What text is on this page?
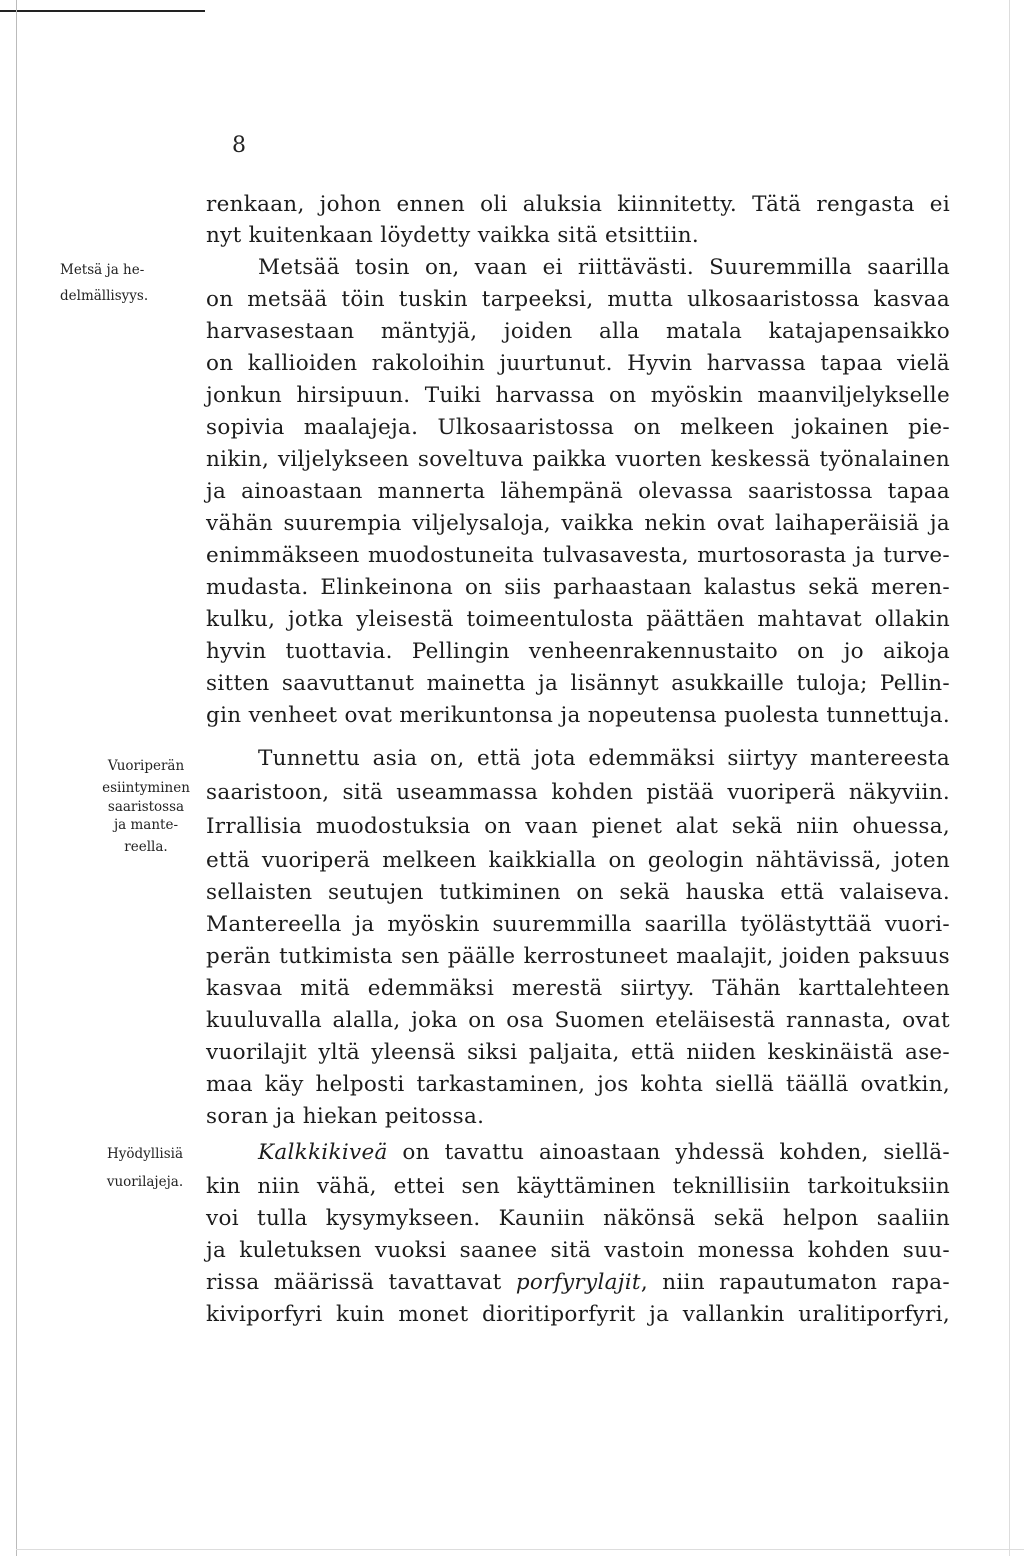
8
Metsä ja he-
delmällisyys.
Vuoriperän
esiintyminen
saaristossa
ja mante-
reella.
Hyödyllisiä
vuorilajeja.
renkaan, johon ennen oli aluksia kiinnitetty. Tätä rengasta ei
nyt kuitenkaan löydetty vaikka sitä etsittiin.
Metsää tosin on, vaan ei riittävästi. Suuremmilla saarilla
on metsää töin tuskin tarpeeksi, mutta ulkosaaristossa kasvaa
harvasestaan mäntyjä, joiden alla matala katajapensaikko
on kallioiden rakoloihin juurtunut. Hyvin harvassa tapaa vielä
jonkun hirsipuun. Tuiki harvassa on myöskin maanviljelykselle
sopivia maalajeja. Ulkosaaristossa on melkeen jokainen pie-
nikin, viljelykseen soveltuva paikka vuorten keskessä työnalainen
ja ainoastaan mannerta lähempänä olevassa saaristossa tapaa
vähän suurempia viljelysaloja, vaikka nekin ovat laihaperäisiä ja
enimmäkseen muodostuneita tulvasavesta, murtosorasta ja turve-
mudasta. Elinkeinona on siis parhaastaan kalastus sekä meren-
kulku, jotka yleisestä toimeentulosta päättäen mahtavat ollakin
hyvin tuottavia. Pellingin venheenrakennustaito on jo aikoja
sitten saavuttanut mainetta ja lisännyt asukkaille tuloja; Pellin-
gin venheet ovat merikuntonsa ja nopeutensa puolesta tunnettuja.
Tunnettu asia on, että jota edemmäksi siirtyy mantereesta
saaristoon, sitä useammassa kohden pistää vuoriperä näkyviin.
Irrallisia muodostuksia on vaan pienet alat sekä niin ohuessa,
että vuoriperä melkeen kaikkialla on geologin nähtävissä, joten
sellaisten seutujen tutkiminen on sekä hauska että valaiseva.
Mantereella ja myöskin suuremmilla saarilla työlästyttää vuori-
perän tutkimista sen päälle kerrostuneet maalajit, joiden paksuus
kasvaa mitä edemmäksi merestä siirtyy. Tähän karttalehteen
kuuluvalla alalla, joka on osa Suomen eteläisestä rannasta, ovat
vuorilajit yltä yleensä siksi paljaita, että niiden keskinäistä ase-
maa käy helposti tarkastaminen, jos kohta siellä täällä ovatkin,
soran ja hiekan peitossa.
Kalkkikiveä on tavattu ainoastaan yhdessä kohden, siellä-
kin niin vähä, ettei sen käyttäminen teknillisiin tarkoituksiin
voi tulla kysymykseen. Kauniin näkönsä sekä helpon saaliin
ja kuletuksen vuoksi saanee sitä vastoin monessa kohden suu-
rissa määrissä tavattavat porfyrylajit, niin rapautumaton rapa-
kiviporfyri kuin monet dioritiporfyrit ja vallankin uralitiporfyri,
